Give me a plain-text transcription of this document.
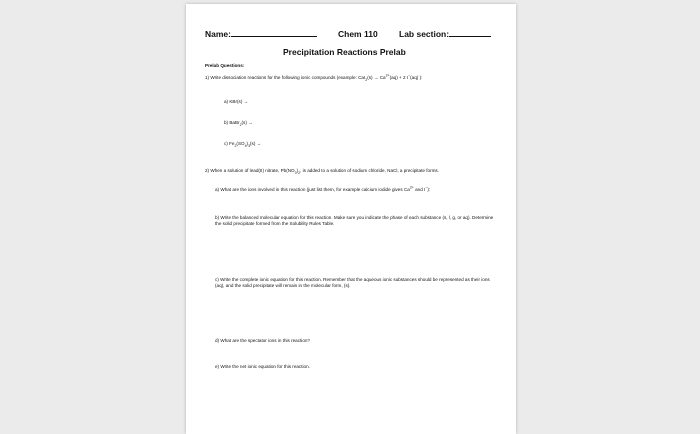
Name:	Chem 110	Lab section:
Precipitation Reactions Prelab
Prelab Questions:
1) Write dissociation reactions for the following ionic compounds (example: $CaI_2(s) \to Ca^{2+}(aq) + 2$ I−(aq) ):
a) KBr(s) →
b) BaBr$_2$(s) →
c) $Fe_2(SO_4)_3(s)$ →
2) When a solution of lead(II) nitrate, $Pb(NO_3)_2$, is added to a solution of sodium chloride, NaCl, a precipitate forms.
a) What are the ions involved in this reaction (just list them, for example calcium iodide gives $Ca^{2+}$ and I−):
b) Write the balanced molecular equation for this reaction. Make sure you indicate the phase of each substance (s, l, g, or aq). Determine the solid precipitate formed from the Solubility Rules Table.
c) Write the complete ionic equation for this reaction. Remember that the aqueous ionic substances should be represented as their ions (aq), and the solid precipitate will remain in the molecular form, (s).
d) What are the spectator ions in this reaction?
e) Write the net ionic equation for this reaction.
